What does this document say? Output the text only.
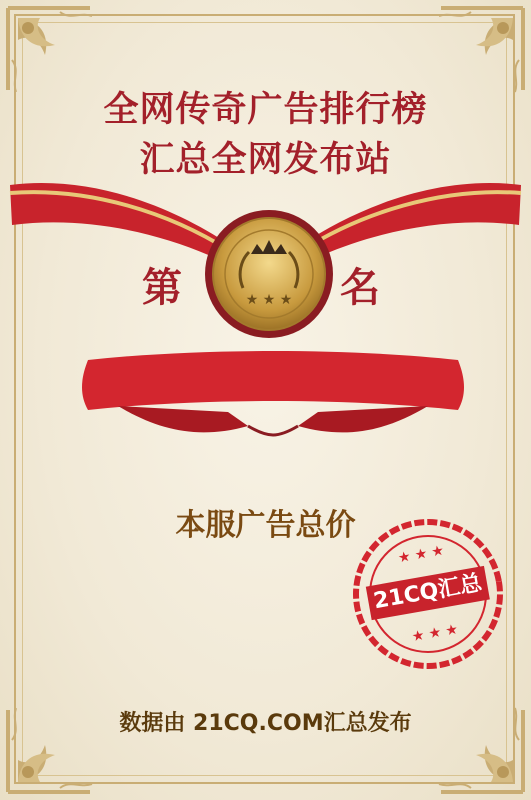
全网传奇广告排行榜
汇总全网发布站
★ ★ ★
第	名
本服广告总价
★ ★ ★
★ ★ ★
21CQ汇总
数据由 21CQ.COM汇总发布
